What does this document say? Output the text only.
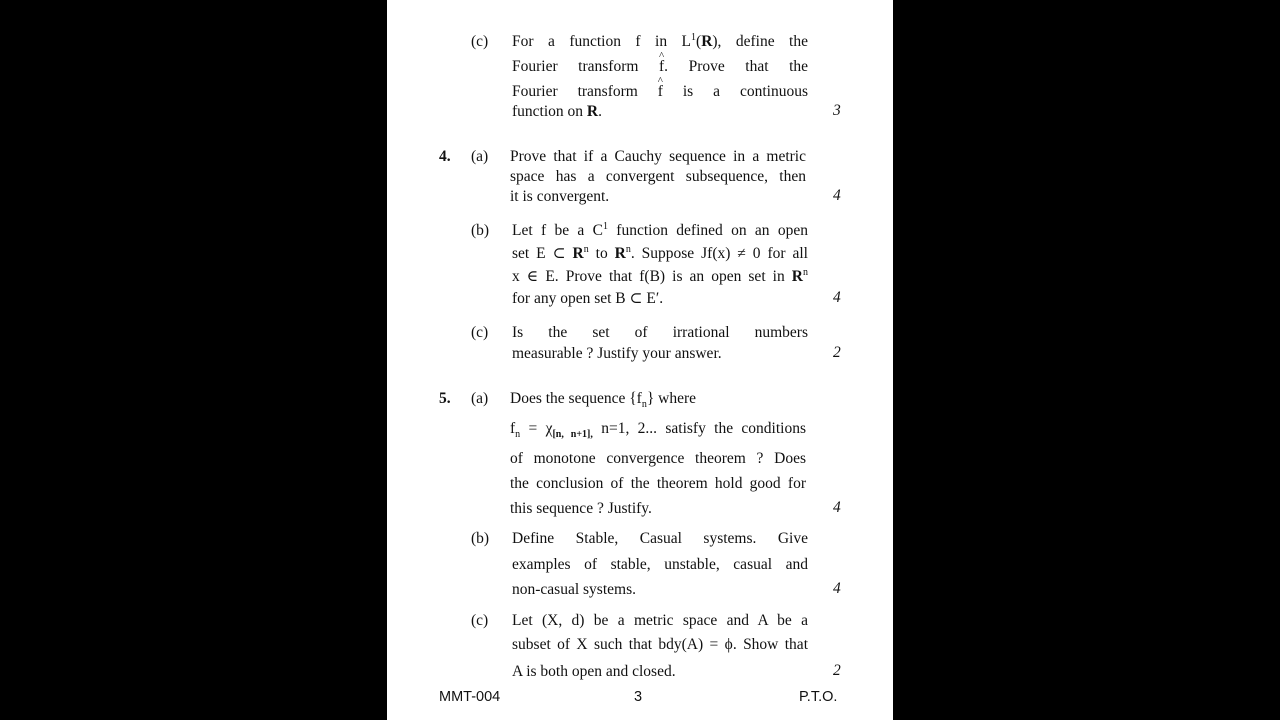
(c) For a function f in $L^1(R)$, define the
Fourier transform ^ f. Prove that the
Fourier transform ^ f is a continuous
function on R.	3
4. (a) Prove that if a Cauchy sequence in a metric
space has a convergent subsequence, then
it is convergent.	4
(b) Let f be a $C^1$ function defined on an open
set E ⊂ $R^n$ to $R^n$. Suppose Jf(x) ≠ 0 for all
x ∈ E. Prove that f(B) is an open set in $R^n$
for any open set B ⊂ E′.	4
(c) Is the set of irrational numbers
measurable ? Justify your answer.	2
5. (a) Does the sequence $\{f_n\}$ where
$f_n = \chi_{[n, n+1],}$ n=1, 2... satisfy the conditions
of monotone convergence theorem ? Does
the conclusion of the theorem hold good for
this sequence ? Justify.	4
(b) Define Stable, Casual systems. Give
examples of stable, unstable, casual and
non-casual systems.	4
(c) Let (X, d) be a metric space and A be a
subset of X such that bdy(A) = ϕ. Show that
A is both open and closed.	2
MMT-004	3	P.T.O.
